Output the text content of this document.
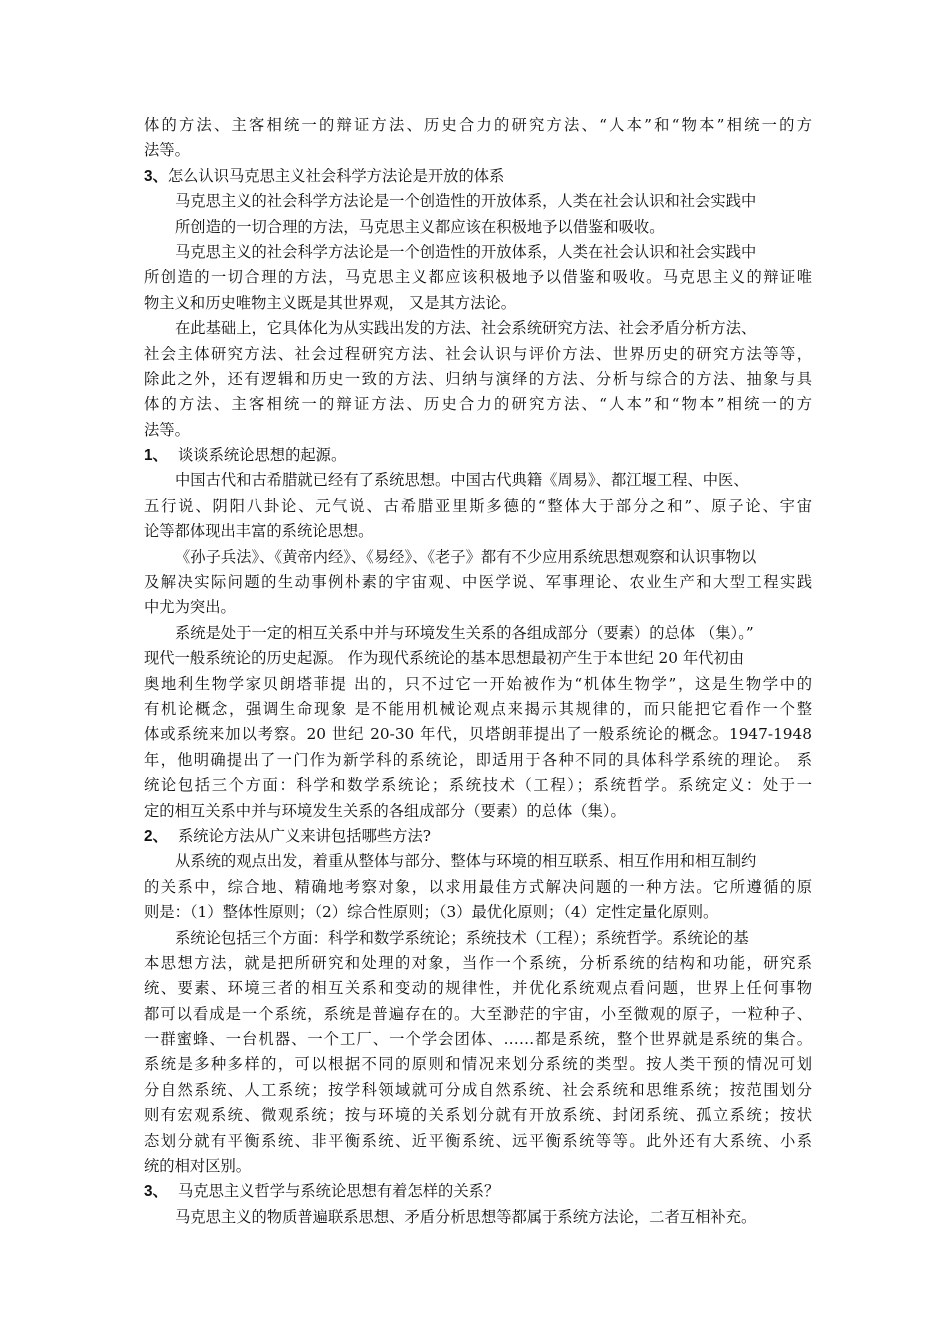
体的方法、主客相统一的辩证方法、历史合力的研究方法、“人本”和“物本”相统一的方
法等。
3、怎么认识马克思主义社会科学方法论是开放的体系
马克思主义的社会科学方法论是一个创造性的开放体系，人类在社会认识和社会实践中
所创造的一切合理的方法，马克思主义都应该在积极地予以借鉴和吸收。
马克思主义的社会科学方法论是一个创造性的开放体系，人类在社会认识和社会实践中
所创造的一切合理的方法，马克思主义都应该积极地予以借鉴和吸收。马克思主义的辩证唯
物主义和历史唯物主义既是其世界观， 又是其方法论。
在此基础上，它具体化为从实践出发的方法、社会系统研究方法、社会矛盾分析方法、
社会主体研究方法、社会过程研究方法、社会认识与评价方法、世界历史的研究方法等等，
除此之外，还有逻辑和历史一致的方法、归纳与演绎的方法、分析与综合的方法、抽象与具
体的方法、主客相统一的辩证方法、历史合力的研究方法、“人本”和“物本”相统一的方
法等。
1、 谈谈系统论思想的起源。
中国古代和古希腊就已经有了系统思想。中国古代典籍《周易》、都江堰工程、中医、
五行说、阴阳八卦论、元气说、古希腊亚里斯多德的“整体大于部分之和”、原子论、宇宙
论等都体现出丰富的系统论思想。
《孙子兵法》、《黄帝内经》、《易经》、《老子》都有不少应用系统思想观察和认识事物以
及解决实际问题的生动事例朴素的宇宙观、中医学说、军事理论、农业生产和大型工程实践
中尤为突出。
系统是处于一定的相互关系中并与环境发生关系的各组成部分（要素）的总体 （集）。”
现代一般系统论的历史起源。 作为现代系统论的基本思想最初产生于本世纪 20 年代初由
奥地利生物学家贝朗塔菲提 出的，只不过它一开始被作为“机体生物学”，这是生物学中的
有机论概念，强调生命现象 是不能用机械论观点来揭示其规律的，而只能把它看作一个整
体或系统来加以考察。20 世纪 20-30 年代，贝塔朗菲提出了一般系统论的概念。1947-1948
年，他明确提出了一门作为新学科的系统论，即适用于各种不同的具体科学系统的理论。 系
统论包括三个方面：科学和数学系统论；系统技术（工程）；系统哲学。系统定义：处于一
定的相互关系中并与环境发生关系的各组成部分（要素）的总体（集）。
2、 系统论方法从广义来讲包括哪些方法?
从系统的观点出发，着重从整体与部分、整体与环境的相互联系、相互作用和相互制约
的关系中，综合地、精确地考察对象，以求用最佳方式解决问题的一种方法。它所遵循的原
则是：（1）整体性原则；（2）综合性原则；（3）最优化原则；（4）定性定量化原则。
系统论包括三个方面：科学和数学系统论；系统技术（工程）；系统哲学。系统论的基
本思想方法，就是把所研究和处理的对象，当作一个系统，分析系统的结构和功能，研究系
统、要素、环境三者的相互关系和变动的规律性，并优化系统观点看问题，世界上任何事物
都可以看成是一个系统，系统是普遍存在的。大至渺茫的宇宙，小至微观的原子，一粒种子、
一群蜜蜂、一台机器、一个工厂、一个学会团体、……都是系统，整个世界就是系统的集合。
系统是多种多样的，可以根据不同的原则和情况来划分系统的类型。按人类干预的情况可划
分自然系统、人工系统；按学科领域就可分成自然系统、社会系统和思维系统；按范围划分
则有宏观系统、微观系统；按与环境的关系划分就有开放系统、封闭系统、孤立系统；按状
态划分就有平衡系统、非平衡系统、近平衡系统、远平衡系统等等。此外还有大系统、小系
统的相对区别。
3、 马克思主义哲学与系统论思想有着怎样的关系？
马克思主义的物质普遍联系思想、矛盾分析思想等都属于系统方法论，二者互相补充。
